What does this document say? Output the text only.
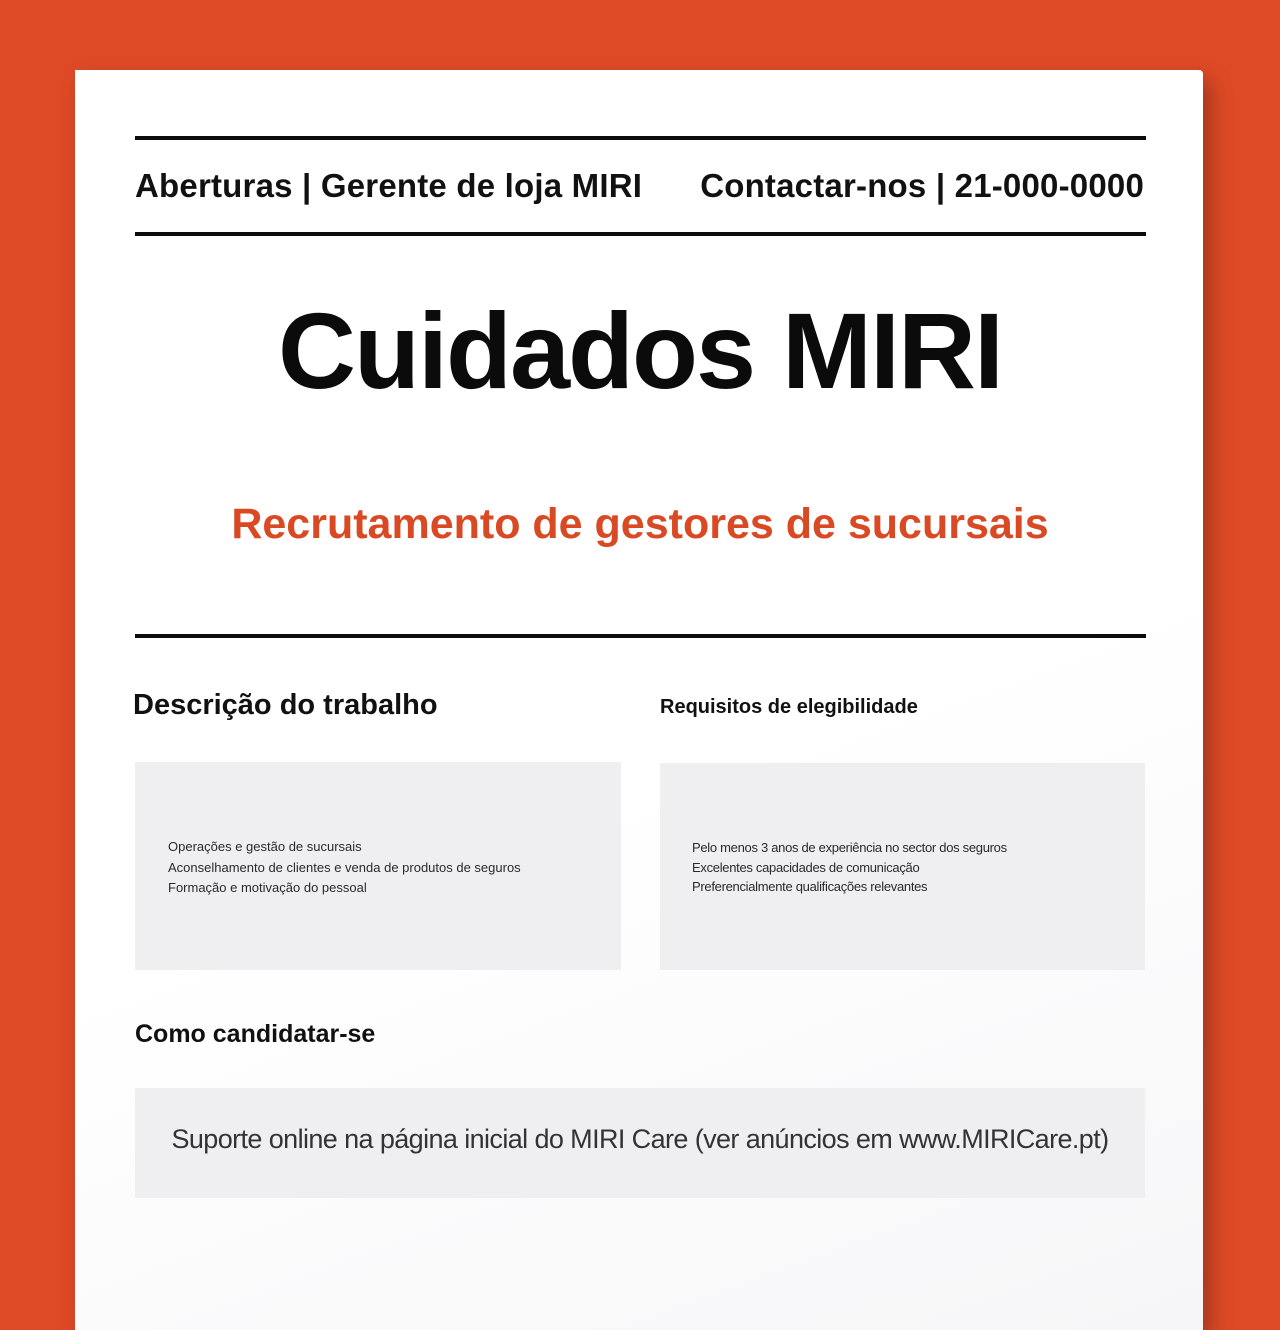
Aberturas | Gerente de loja MIRI Contactar-nos | 21-000-0000
Cuidados MIRI
Recrutamento de gestores de sucursais
Descrição do trabalho	Requisitos de elegibilidade
Operações e gestão de sucursais
Aconselhamento de clientes e venda de produtos de seguros
Formação e motivação do pessoal
Pelo menos 3 anos de experiência no sector dos seguros
Excelentes capacidades de comunicação
Preferencialmente qualificações relevantes
Como candidatar-se
Suporte online na página inicial do MIRI Care (ver anúncios em www.MIRICare.pt)
